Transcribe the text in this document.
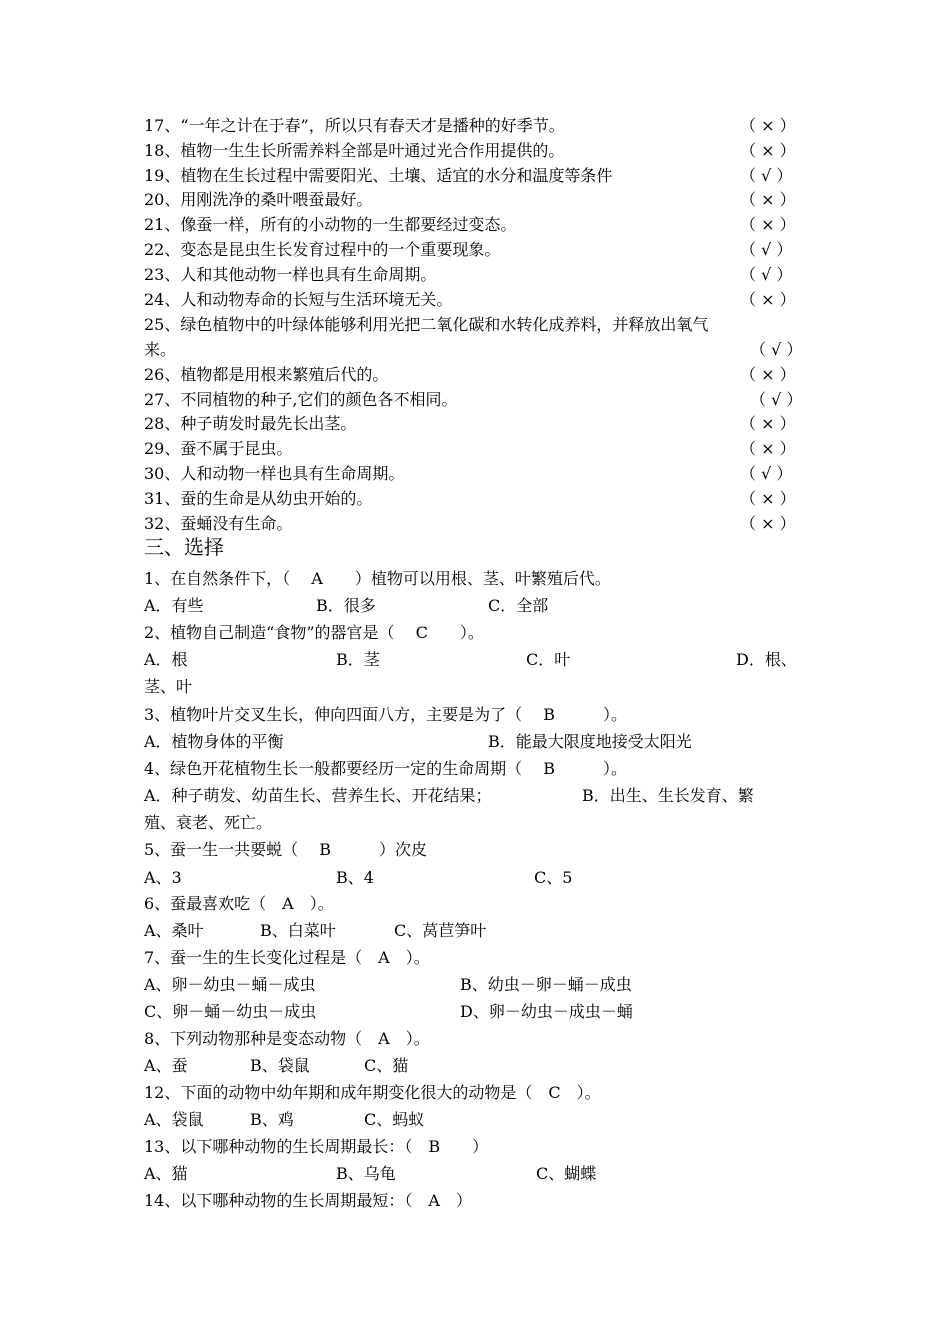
17、“一年之计在于春”，所以只有春天才是播种的好季节。	（ × ）
18、植物一生生长所需养料全部是叶通过光合作用提供的。	（ × ）
19、植物在生长过程中需要阳光、土壤、适宜的水分和温度等条件	（ √ ）
20、用刚洗净的桑叶喂蚕最好。	（ × ）
21、像蚕一样，所有的小动物的一生都要经过变态。	（ × ）
22、变态是昆虫生长发育过程中的一个重要现象。	（ √ ）
23、人和其他动物一样也具有生命周期。	（ √ ）
24、人和动物寿命的长短与生活环境无关。	（ × ）
25、绿色植物中的叶绿体能够利用光把二氧化碳和水转化成养料，并释放出氧气
来。	（ √ ）
26、植物都是用根来繁殖后代的。	（ × ）
27、不同植物的种子,它们的颜色各不相同。	（ √ ）
28、种子萌发时最先长出茎。	（ × ）
29、蚕不属于昆虫。	（ × ）
30、人和动物一样也具有生命周期。	（ √ ）
31、蚕的生命是从幼虫开始的。	（ × ）
32、蚕蛹没有生命。	（ × ）
三、选择
1、在自然条件下，（　 A　　）植物可以用根、茎、叶繁殖后代。
A．有些	B．很多	C．全部
2、植物自己制造“食物”的器官是（　 C　　）。
A．根	B．茎	C．叶	D．根、
茎、叶
3、植物叶片交叉生长，伸向四面八方，主要是为了（　 B　　　）。
A．植物身体的平衡	B．能最大限度地接受太阳光
4、绿色开花植物生长一般都要经历一定的生命周期（　 B　　　）。
A．种子萌发、幼苗生长、营养生长、开花结果；	B．出生、生长发育、繁
殖、衰老、死亡。
5、蚕一生一共要蜕（　 B　　　）次皮
A、3	B、4	C、5
6、蚕最喜欢吃（　A　）。
A、桑叶	B、白菜叶	C、莴苣笋叶
7、蚕一生的生长变化过程是（　A　）。
A、卵－幼虫－蛹－成虫	B、幼虫－卵－蛹－成虫
C、卵－蛹－幼虫－成虫	D、卵－幼虫－成虫－蛹
8、下列动物那种是变态动物（　A　）。
A、蚕	B、袋鼠	C、猫
12、下面的动物中幼年期和成年期变化很大的动物是（　C　）。
A、袋鼠	B、鸡	C、蚂蚁
13、以下哪种动物的生长周期最长：（　B　　）
A、猫	B、乌龟	C、蝴蝶
14、以下哪种动物的生长周期最短：（　A　）
